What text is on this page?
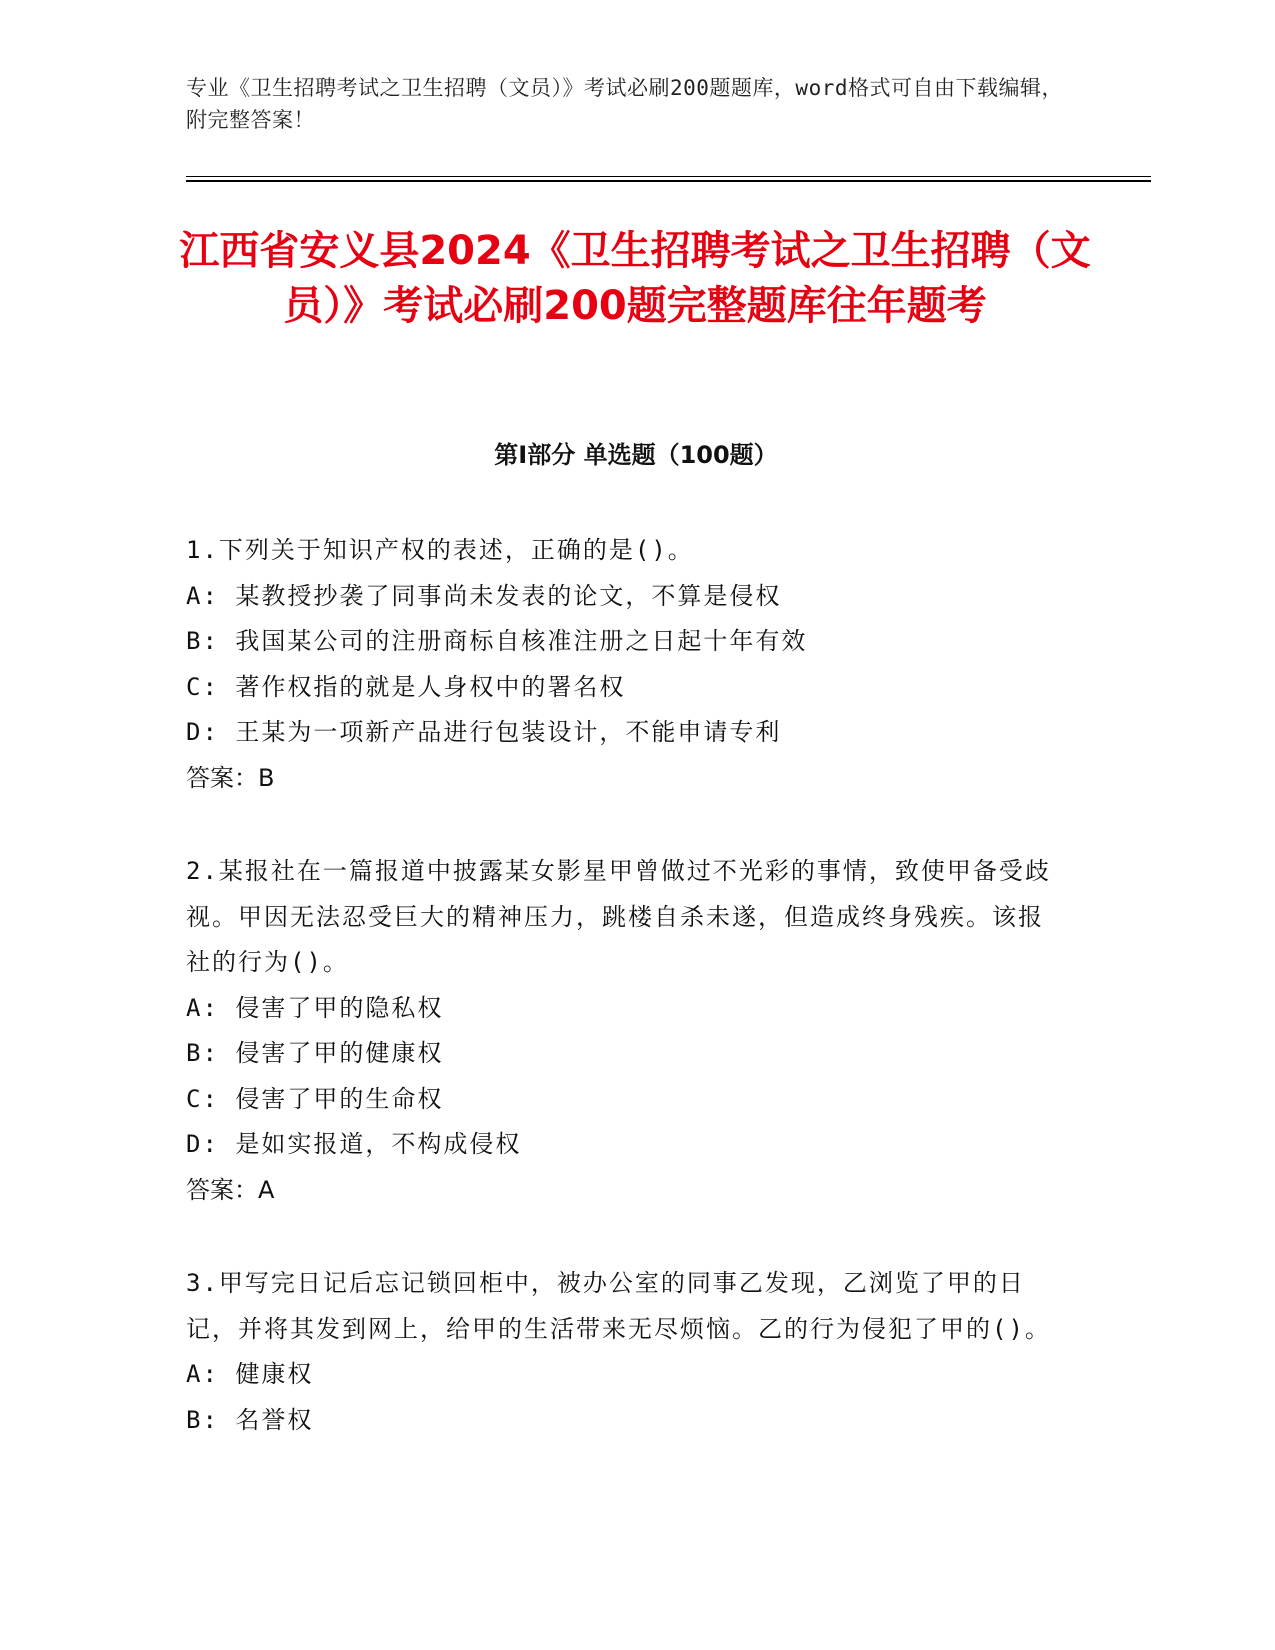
专业《卫生招聘考试之卫生招聘（文员）》考试必刷200题题库，word格式可自由下载编辑，附完整答案！
江西省安义县2024《卫生招聘考试之卫生招聘（文员）》考试必刷200题完整题库往年题考
第Ⅰ部分 单选题（100题）

1.下列关于知识产权的表述，正确的是()。

A: 某教授抄袭了同事尚未发表的论文，不算是侵权

B: 我国某公司的注册商标自核准注册之日起十年有效

C: 著作权指的就是人身权中的署名权

D: 王某为一项新产品进行包装设计，不能申请专利

答案：B

2.某报社在一篇报道中披露某女影星甲曾做过不光彩的事情，致使甲备受歧视。甲因无法忍受巨大的精神压力，跳楼自杀未遂，但造成终身残疾。该报社的行为()。

A: 侵害了甲的隐私权

B: 侵害了甲的健康权

C: 侵害了甲的生命权

D: 是如实报道，不构成侵权

答案：A

3.甲写完日记后忘记锁回柜中，被办公室的同事乙发现，乙浏览了甲的日记，并将其发到网上，给甲的生活带来无尽烦恼。乙的行为侵犯了甲的()。

A: 健康权

B: 名誉权
